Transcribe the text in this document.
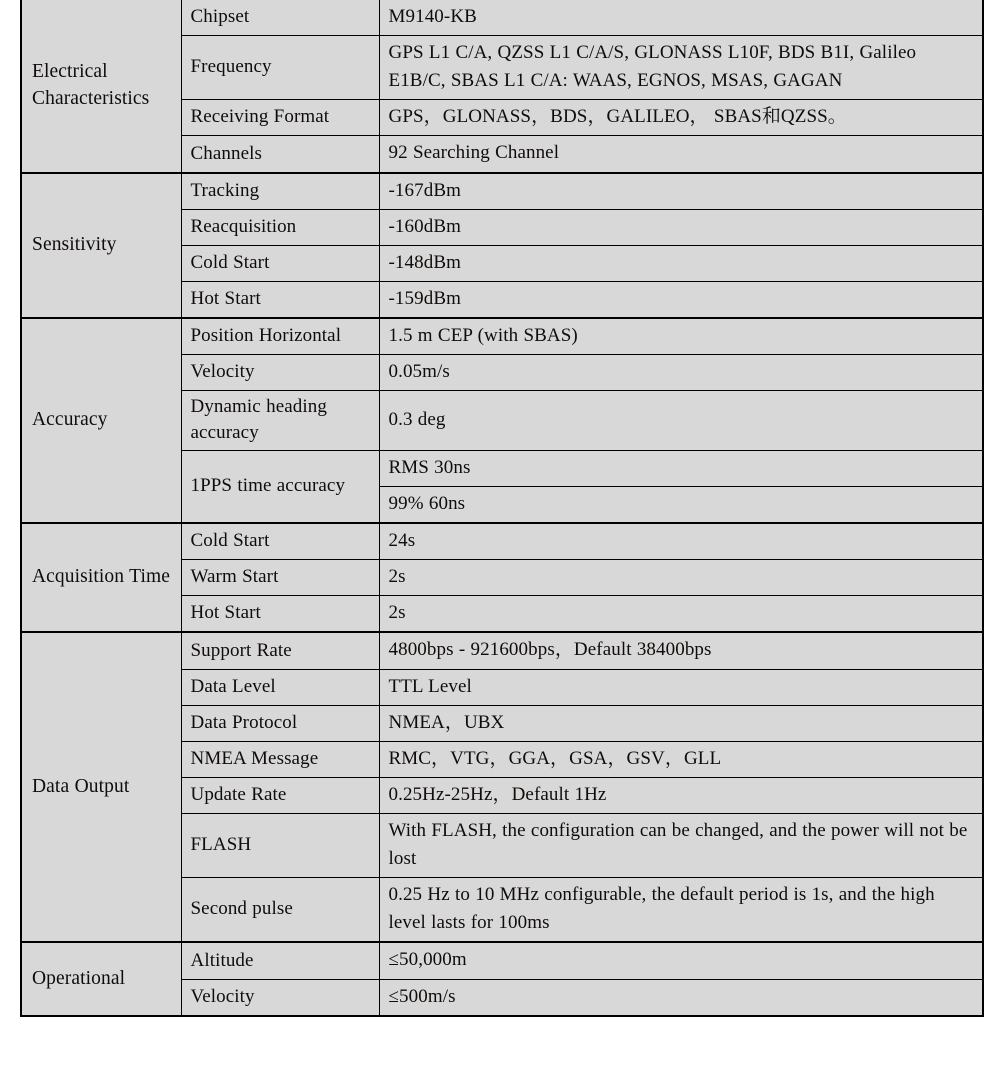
Electrical Characteristics	Chipset	M9140-KB
	Frequency	GPS L1 C/A, QZSS L1 C/A/S, GLONASS L10F, BDS B1I, Galileo E1B/C, SBAS L1 C/A: WAAS, EGNOS, MSAS, GAGAN
	Receiving Format	GPS，GLONASS，BDS，GALILEO， SBAS和QZSS。
	Channels	92 Searching Channel
Sensitivity	Tracking	-167dBm
	Reacquisition	-160dBm
	Cold Start	-148dBm
	Hot Start	-159dBm
Accuracy	Position Horizontal	1.5 m CEP (with SBAS)
	Velocity	0.05m/s
	Dynamic heading accuracy	0.3 deg
	1PPS time accuracy	RMS 30ns
		99% 60ns
Acquisition Time	Cold Start	24s
	Warm Start	2s
	Hot Start	2s
Data Output	Support Rate	4800bps - 921600bps，Default 38400bps
	Data Level	TTL Level
	Data Protocol	NMEA，UBX
	NMEA Message	RMC，VTG，GGA，GSA，GSV，GLL
	Update Rate	0.25Hz-25Hz，Default 1Hz
	FLASH	With FLASH, the configuration can be changed, and the power will not be lost
	Second pulse	0.25 Hz to 10 MHz configurable, the default period is 1s, and the high level lasts for 100ms
Operational	Altitude	≤50,000m
	Velocity	≤500m/s
